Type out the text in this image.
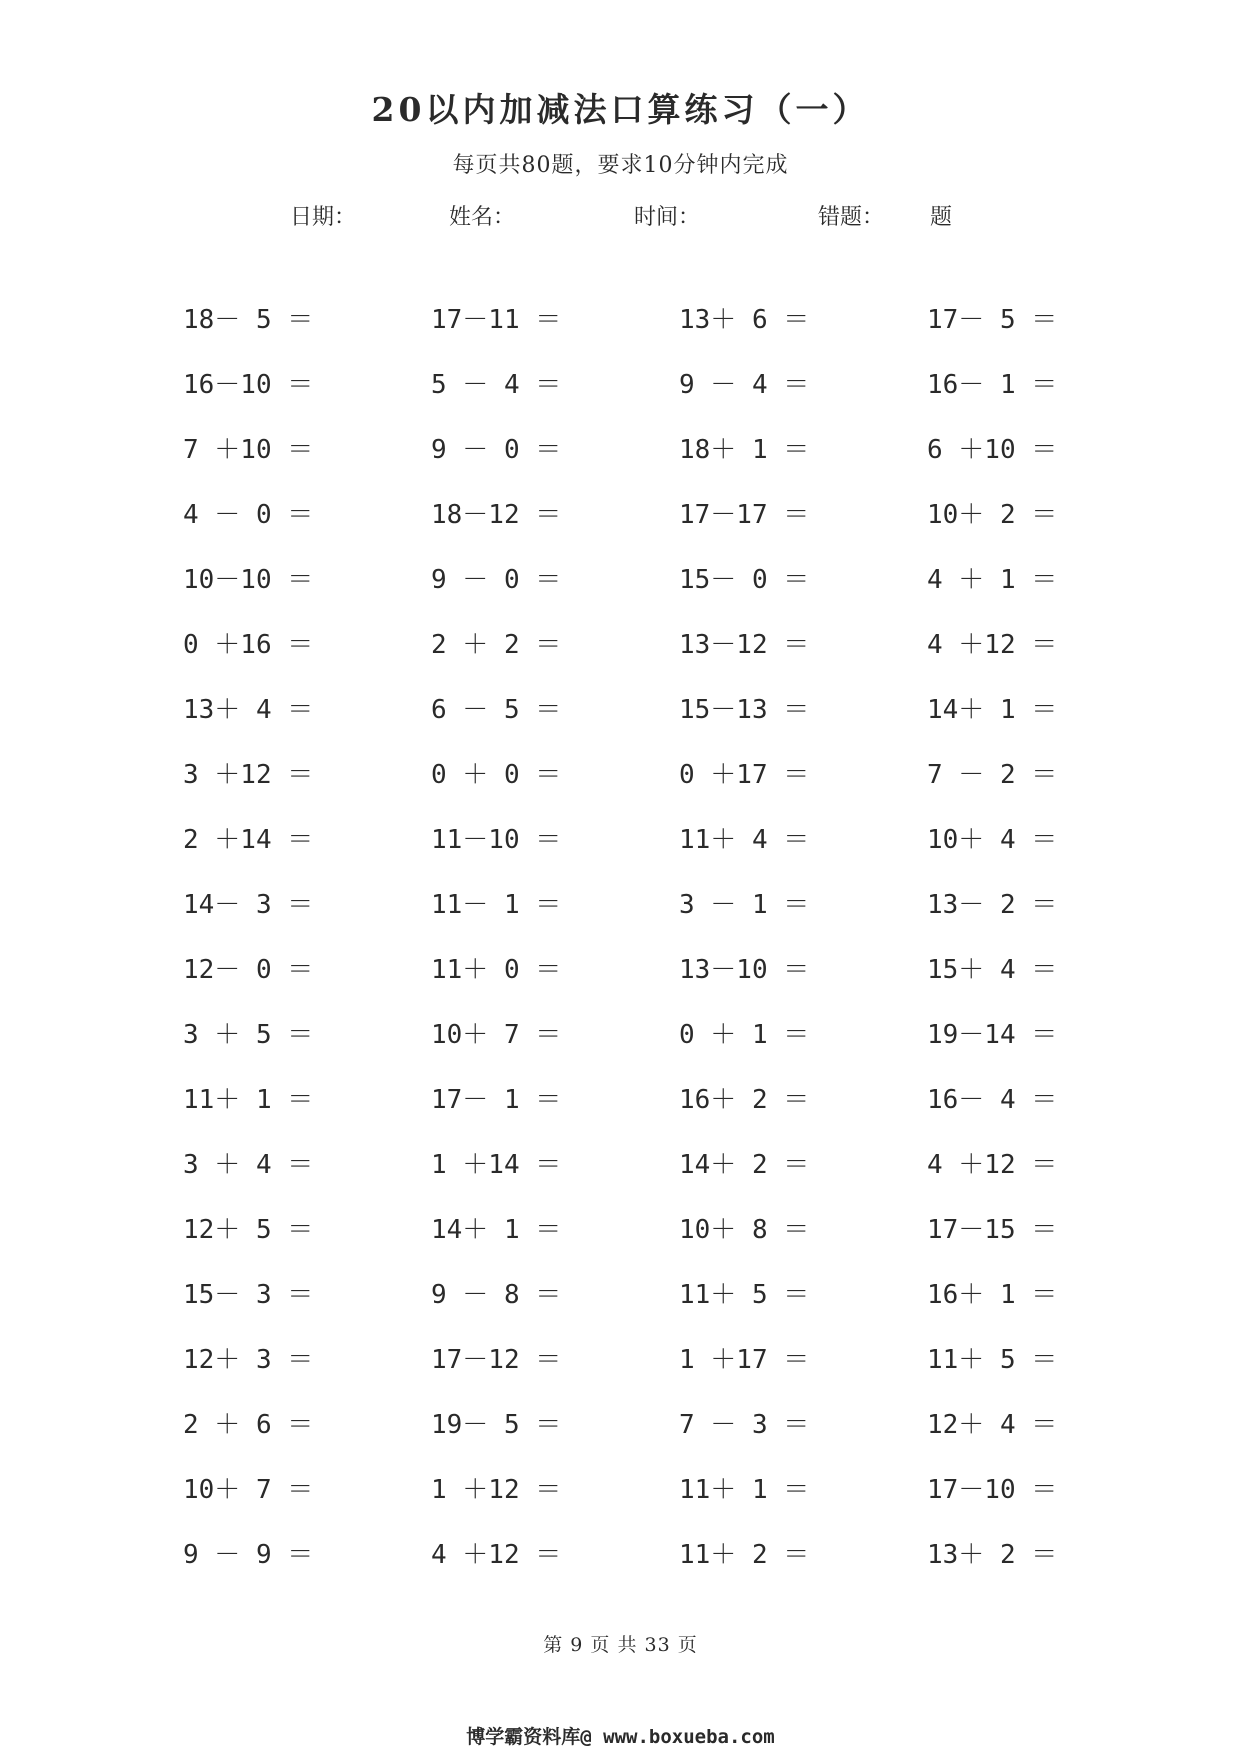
20以内加减法口算练习（一）
每页共80题，要求10分钟内完成
日期：	姓名：	时间：	错题： 题
18－ 5 ＝	17－11 ＝	13＋ 6 ＝	17－ 5 ＝
16－10 ＝	5 － 4 ＝	9 － 4 ＝	16－ 1 ＝
7 ＋10 ＝	9 － 0 ＝	18＋ 1 ＝	6 ＋10 ＝
4 － 0 ＝	18－12 ＝	17－17 ＝	10＋ 2 ＝
10－10 ＝	9 － 0 ＝	15－ 0 ＝	4 ＋ 1 ＝
0 ＋16 ＝	2 ＋ 2 ＝	13－12 ＝	4 ＋12 ＝
13＋ 4 ＝	6 － 5 ＝	15－13 ＝	14＋ 1 ＝
3 ＋12 ＝	0 ＋ 0 ＝	0 ＋17 ＝	7 － 2 ＝
2 ＋14 ＝	11－10 ＝	11＋ 4 ＝	10＋ 4 ＝
14－ 3 ＝	11－ 1 ＝	3 － 1 ＝	13－ 2 ＝
12－ 0 ＝	11＋ 0 ＝	13－10 ＝	15＋ 4 ＝
3 ＋ 5 ＝	10＋ 7 ＝	0 ＋ 1 ＝	19－14 ＝
11＋ 1 ＝	17－ 1 ＝	16＋ 2 ＝	16－ 4 ＝
3 ＋ 4 ＝	1 ＋14 ＝	14＋ 2 ＝	4 ＋12 ＝
12＋ 5 ＝	14＋ 1 ＝	10＋ 8 ＝	17－15 ＝
15－ 3 ＝	9 － 8 ＝	11＋ 5 ＝	16＋ 1 ＝
12＋ 3 ＝	17－12 ＝	1 ＋17 ＝	11＋ 5 ＝
2 ＋ 6 ＝	19－ 5 ＝	7 － 3 ＝	12＋ 4 ＝
10＋ 7 ＝	1 ＋12 ＝	11＋ 1 ＝	17－10 ＝
9 － 9 ＝	4 ＋12 ＝	11＋ 2 ＝	13＋ 2 ＝
第 9 页 共 33 页
博学霸资料库@ www.boxueba.com
